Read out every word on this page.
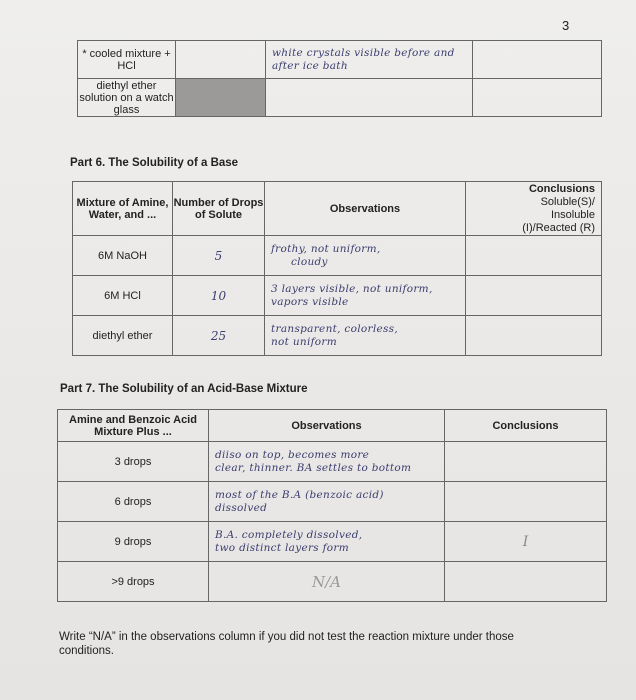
3
* cooled mixture + HCl		white crystals visible before and after ice bath	
diethyl ether solution on a watch glass			
Part 6. The Solubility of a Base
Mixture of Amine, Water, and ...	Number of Drops of Solute	Observations	Conclusions
Soluble(S)/
Insoluble
(I)/Reacted (R)

6M NaOH	5	frothy, not uniform,
cloudy	

6M HCl	10	3 layers visible, not uniform,
vapors visible	

diethyl ether	25	transparent, colorless,
not uniform	

Part 7. The Solubility of an Acid-Base Mixture
Amine and Benzoic Acid Mixture Plus ...	Observations	Conclusions
3 drops	diiso on top, becomes more
clear, thinner. BA settles to bottom	

6 drops	most of the B.A (benzoic acid)
dissolved	

9 drops	B.A. completely dissolved,
two distinct layers form	I
>9 drops	N/A	
Write “N/A” in the observations column if you did not test the reaction mixture under those conditions.
